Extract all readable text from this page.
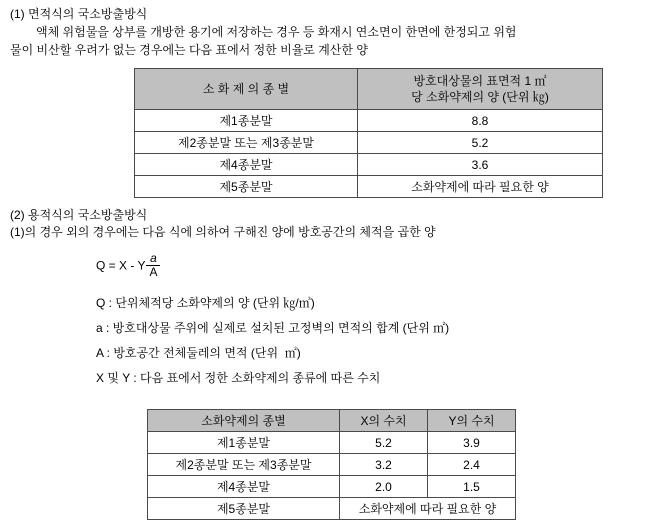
(1) 면적식의 국소방출방식
액체 위험물을 상부를 개방한 용기에 저장하는 경우 등 화재시 연소면이 한면에 한정되고 위험
물이 비산할 우려가 없는 경우에는 다음 표에서 정한 비율로 계산한 양
소 화 제 의 종 별	방호대상물의 표면적 1 ㎡
당 소화약제의 양 (단위 ㎏)

제1종분말	8.8
제2종분말 또는 제3종분말	5.2
제4종분말	3.6
제5종분말	소화약제에 따라 필요한 양
(2) 용적식의 국소방출방식
(1)의 경우 외의 경우에는 다음 식에 의하여 구해진 양에 방호공간의 체적을 곱한 양
Q = X - Y $\frac{a}{A}$
Q : 단위체적당 소화약제의 양 (단위 ㎏/㎥)
a : 방호대상물 주위에 실제로 설치된 고정벽의 면적의 합계 (단위 ㎡)
A : 방호공간 전체둘레의 면적 (단위  ㎡)
X 및 Y : 다음 표에서 정한 소화약제의 종류에 따른 수치
소화약제의 종별	X의 수치	Y의 수치
제1종분말	5.2	3.9
제2종분말 또는 제3종분말	3.2	2.4
제4종분말	2.0	1.5
제5종분말	소화약제에 따라 필요한 양	
